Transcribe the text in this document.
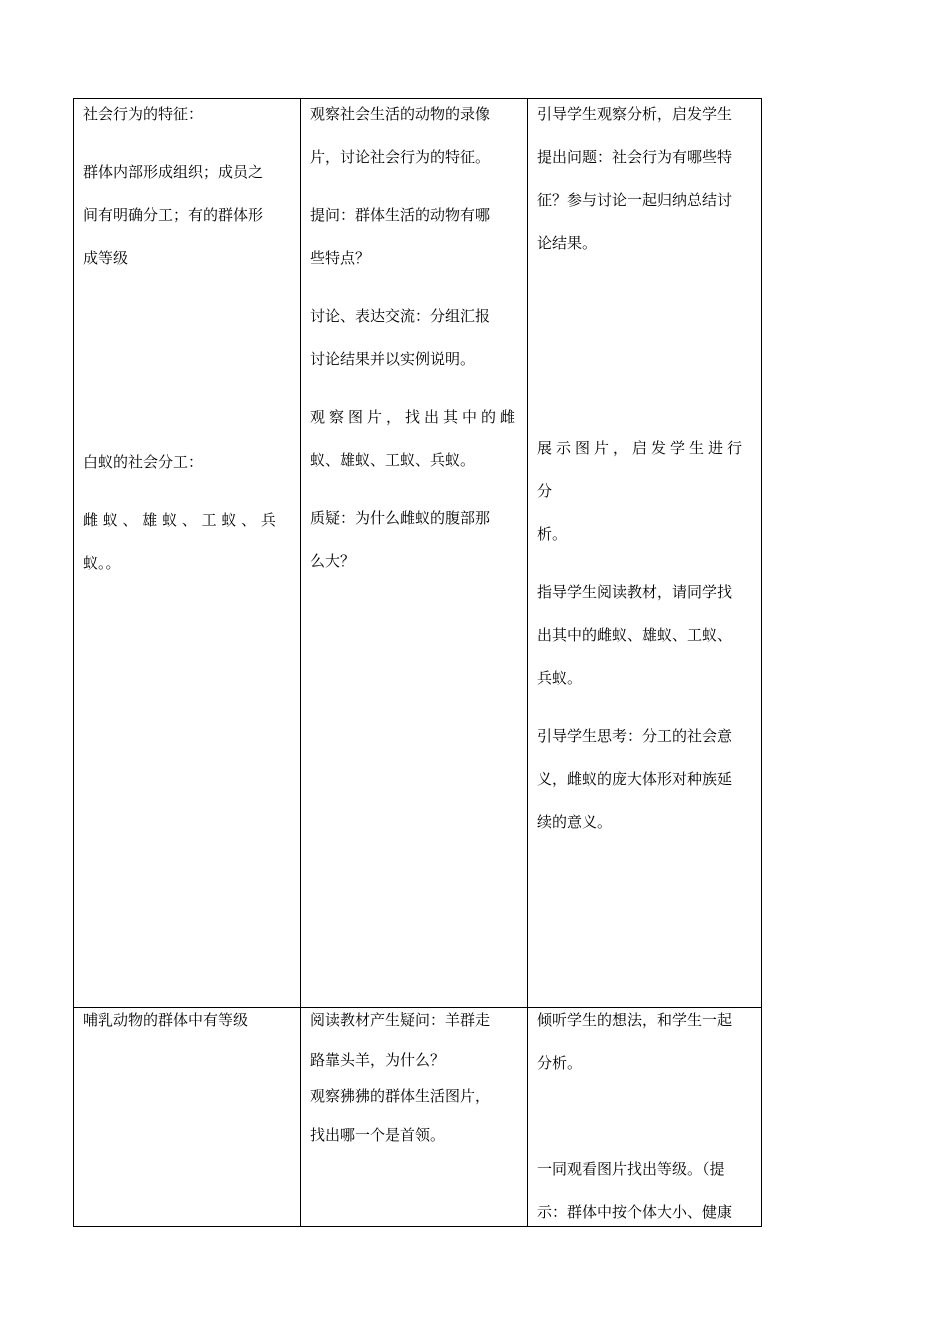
社会行为的特征：

群体内部形成组织；成员之

间有明确分工；有的群体形

成等级

白蚁的社会分工：

雌 蚁 、 雄 蚁 、 工 蚁 、 兵

蚁。。

观察社会生活的动物的录像

片，讨论社会行为的特征。

提问：群体生活的动物有哪

些特点？

讨论、表达交流：分组汇报

讨论结果并以实例说明。

观察图片，找出其中的雌

蚁、雄蚁、工蚁、兵蚁。

质疑：为什么雌蚁的腹部那

么大？

引导学生观察分析，启发学生

提出问题：社会行为有哪些特

征？参与讨论一起归纳总结讨

论结果。

展示图片，启发学生进行分

析。

指导学生阅读教材，请同学找

出其中的雌蚁、雄蚁、工蚁、

兵蚁。

引导学生思考：分工的社会意

义，雌蚁的庞大体形对种族延

续的意义。

哺乳动物的群体中有等级	阅读教材产生疑问：羊群走

路靠头羊，为什么？

观察狒狒的群体生活图片，

找出哪一个是首领。

倾听学生的想法，和学生一起

分析。

一同观看图片找出等级。（提

示：群体中按个体大小、健康
